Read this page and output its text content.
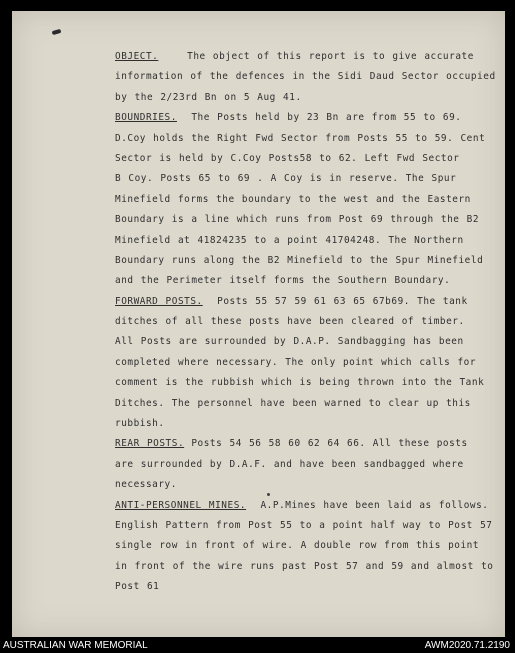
OBJECT.	The object of this report is to give accurate
information of the defences in the Sidi Daud Sector occupied
by the 2/23rd Bn on 5 Aug 41.
BOUNDRIES. The Posts held by 23 Bn are from 55 to 69.
D.Coy holds the Right Fwd Sector from Posts 55 to 59. Cent
Sector is held by C.Coy Posts58 to 62. Left Fwd Sector
B Coy. Posts 65 to 69 . A Coy is in reserve. The Spur
Minefield forms the boundary to the west and the Eastern
Boundary is a line which runs from Post 69 through the B2
Minefield at 41824235 to a point 41704248. The Northern
Boundary runs along the B2 Minefield to the Spur Minefield
and the Perimeter itself forms the Southern Boundary.
FORWARD POSTS. Posts 55 57 59 61 63 65 67b69. The tank
ditches of all these posts have been cleared of timber.
All Posts are surrounded by D.A.P. Sandbagging has been
completed where necessary. The only point which calls for
comment is the rubbish which is being thrown into the Tank
Ditches. The personnel have been warned to clear up this
rubbish.
REAR POSTS. Posts 54 56 58 60 62 64 66. All these posts
are surrounded by D.A.F. and have been sandbagged where
necessary.
ANTI-PERSONNEL MINES. A.P.Mines have been laid as follows.
English Pattern from Post 55 to a point half way to Post 57
single row in front of wire. A double row from this point
in front of the wire runs past Post 57 and 59 and almost to
Post 61
AUSTRALIAN WAR MEMORIAL	AWM2020.71.2190
